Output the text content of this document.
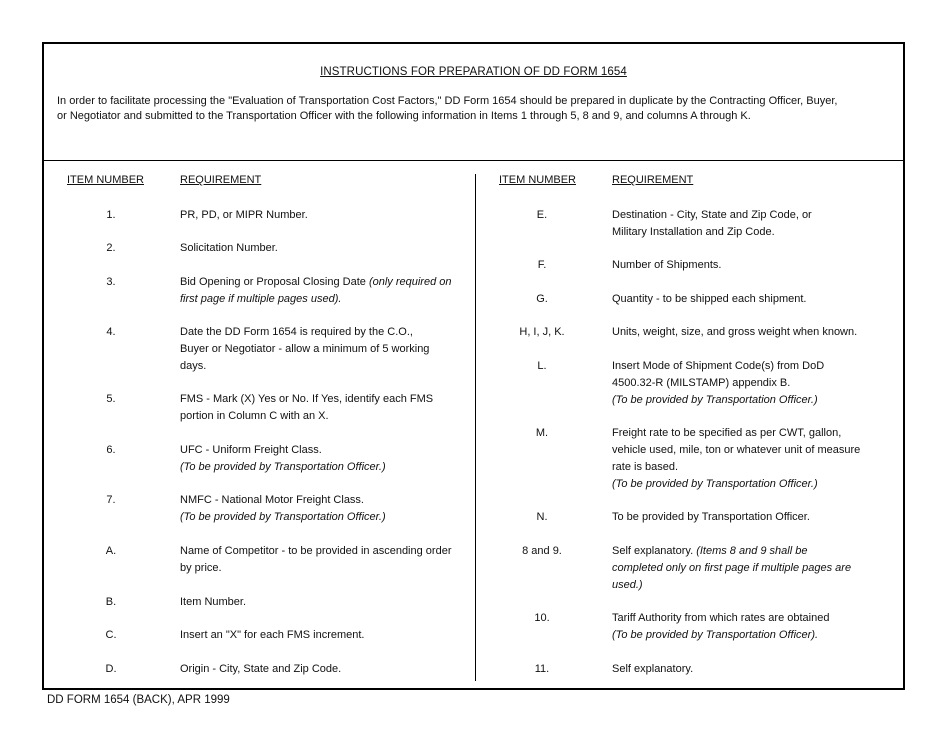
INSTRUCTIONS FOR PREPARATION OF DD FORM 1654
In order to facilitate processing the "Evaluation of Transportation Cost Factors," DD Form 1654 should be prepared in duplicate by the Contracting Officer, Buyer, or Negotiator and submitted to the Transportation Officer with the following information in Items 1 through 5, 8 and 9, and columns A through K.
ITEM NUMBER	REQUIREMENT	ITEM NUMBER	REQUIREMENT
1.	PR, PD, or MIPR Number.
2.	Solicitation Number.
3.	Bid Opening or Proposal Closing Date (only required on first page if multiple pages used).
4.	Date the DD Form 1654 is required by the C.O., Buyer or Negotiator - allow a minimum of 5 working days.
5.	FMS - Mark (X) Yes or No. If Yes, identify each FMS portion in Column C with an X.
6.	UFC - Uniform Freight Class.
(To be provided by Transportation Officer.)
7.	NMFC - National Motor Freight Class.
(To be provided by Transportation Officer.)
A.	Name of Competitor - to be provided in ascending order by price.
B.	Item Number.
C.	Insert an "X" for each FMS increment.
D.	Origin - City, State and Zip Code.
E.	Destination - City, State and Zip Code, or Military Installation and Zip Code.
F.	Number of Shipments.
G.	Quantity - to be shipped each shipment.
H, I, J, K.	Units, weight, size, and gross weight when known.
L.	Insert Mode of Shipment Code(s) from DoD 4500.32-R (MILSTAMP) appendix B.
(To be provided by Transportation Officer.)
M.	Freight rate to be specified as per CWT, gallon, vehicle used, mile, ton or whatever unit of measure rate is based.
(To be provided by Transportation Officer.)
N.	To be provided by Transportation Officer.
8 and 9.	Self explanatory. (Items 8 and 9 shall be completed only on first page if multiple pages are used.)
10.	Tariff Authority from which rates are obtained
(To be provided by Transportation Officer).
11.	Self explanatory.
DD FORM 1654 (BACK), APR 1999
